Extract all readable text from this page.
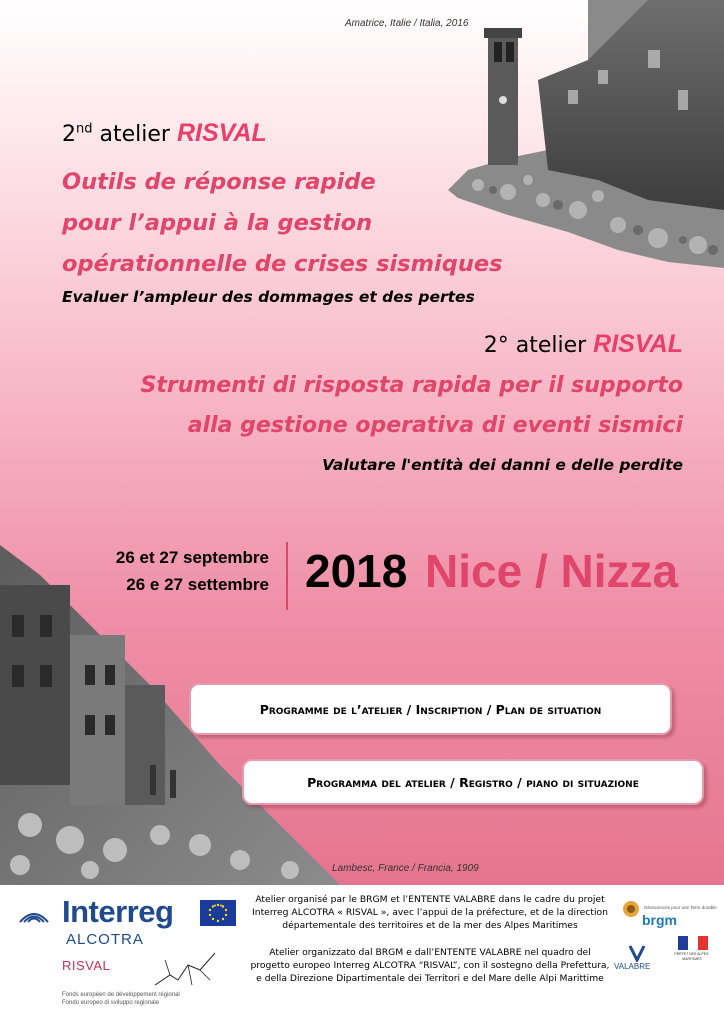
Amatrice, Italie / Italia, 2016
Lambesc, France / Francia, 1909
2nd atelier RISVAL
Outils de réponse rapide
pour l’appui à la gestion
opérationnelle de crises sismiques
Evaluer l’ampleur des dommages et des pertes
2° atelier RISVAL
Strumenti di risposta rapida per il supporto
alla gestione operativa di eventi sismici
Valutare l'entità dei danni e delle perdite
26 et 27 septembre
26 e 27 settembre 2018 Nice / Nizza
Programme de l’atelier / Inscription / Plan de situation
Programma del atelier / Registro / piano di situazione
Interreg
ALCOTRA
RISVAL
Fonds européen de développement régional
Fondo europeo di sviluppo regionale
Atelier organisé par le BRGM et l’ENTENTE VALABRE dans le cadre du projet Interreg ALCOTRA « RISVAL », avec l’appui de la préfecture, et de la direction départementale des territoires et de la mer des Alpes Maritimes
Atelier organizzato dal BRGM e dall’ENTENTE VALABRE nel quadro del progetto europeo Interreg ALCOTRA “RISVAL”, con il sostegno della Prefettura, e della Direzione Dipartimentale dei Territori e del Mare delle Alpi Marittime
Géosciences pour une Terre durable
brgm
VALABRE
PRÉFET DES ALPES-MARITIMES
